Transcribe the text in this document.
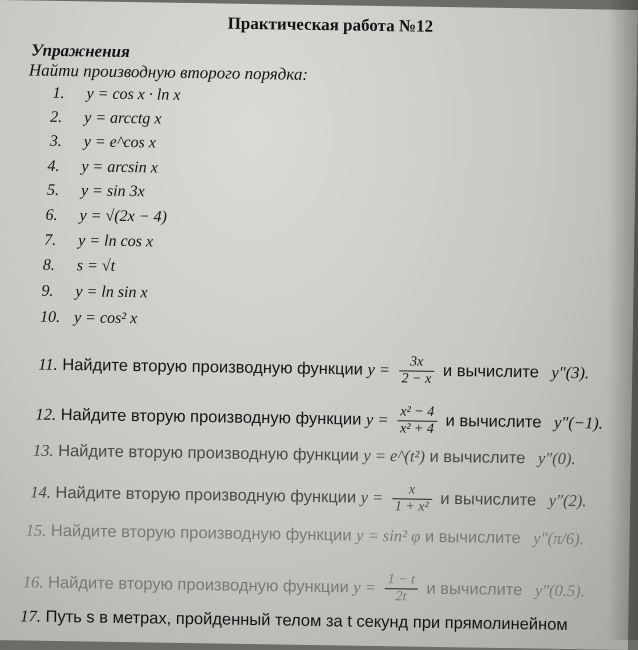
Практическая работа №12
Упражнения
Найти производную второго порядка:
1. y = cos x · ln x
2. y = arcctg x
3. y = e^cos x
4. y = arcsin x
5. y = sin 3x
6. y = √(2x − 4)
7. y = ln cos x
8. s = √t
9. y = ln sin x
10. y = cos² x
11. Найдите вторую производную функции $y = \frac{3x}{2 - x}$ и вычислите y″(3).
12. Найдите вторую производную функции $y = \frac{\text{x² − 4}}{\text{x² + 4}}$ и вычислите y″(−1).
13. Найдите вторую производную функции y = e^(t²) и вычислите y″(0).
14. Найдите вторую производную функции $y = \frac{x}{\text{1 + x²}}$ и вычислите y″(2).
15. Найдите вторую производную функции y = sin² φ и вычислите y″(π/6).
16. Найдите вторую производную функции $y = \frac{1 - t}{2t}$ и вычислите y″(0.5).
17. Путь s в метрах, пройденный телом за t секунд при прямолинейном
